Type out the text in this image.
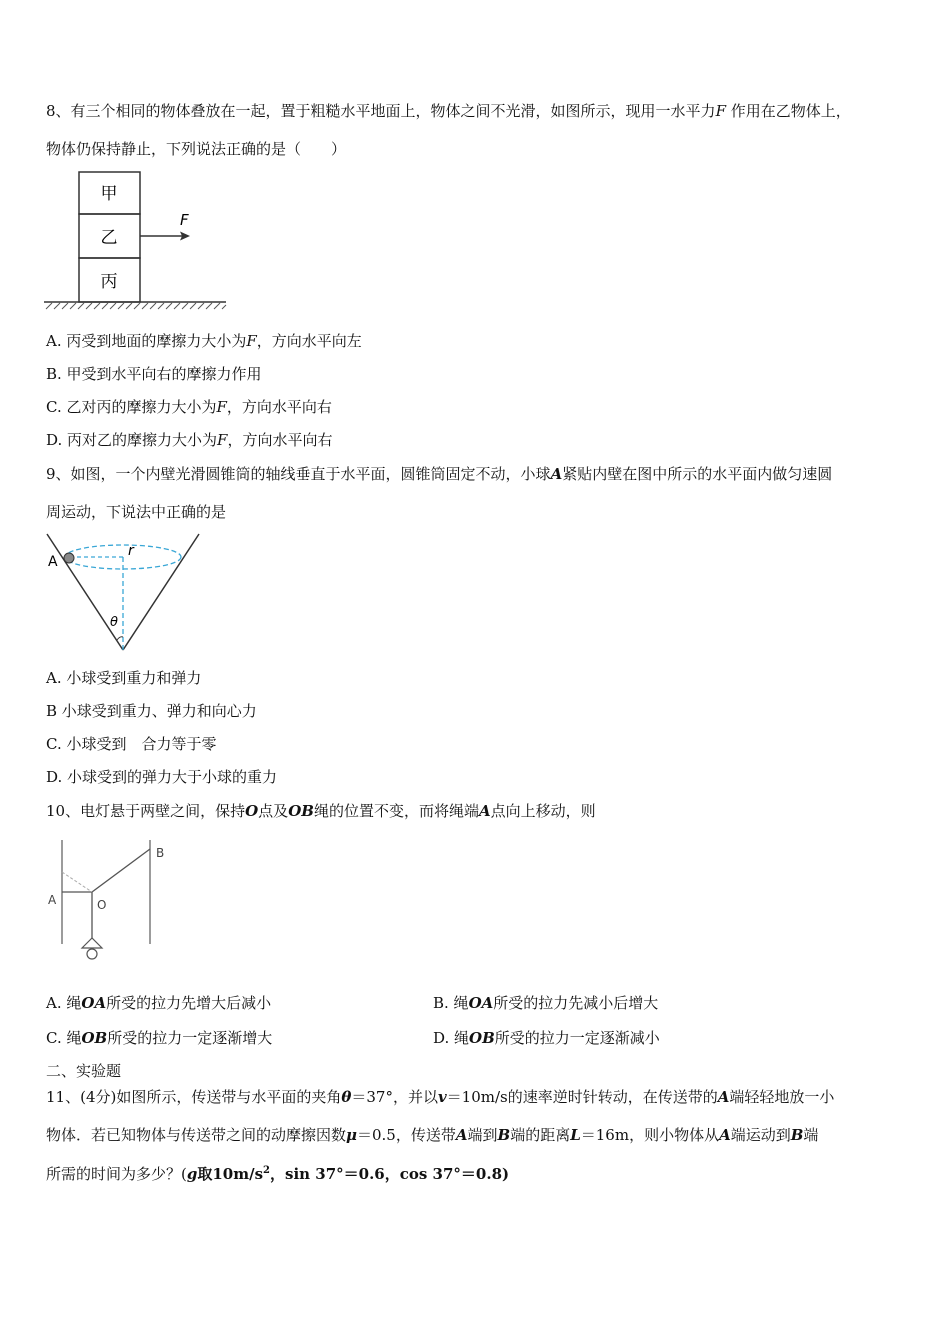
8、有三个相同的物体叠放在一起，置于粗糙水平地面上，物体之间不光滑，如图所示，现用一水平力F 作用在乙物体上，
物体仍保持静止，下列说法正确的是（　　）
甲
乙
丙
F
A. 丙受到地面的摩擦力大小为F，方向水平向左
B. 甲受到水平向右的摩擦力作用
C. 乙对丙的摩擦力大小为F，方向水平向右
D. 丙对乙的摩擦力大小为F，方向水平向右
9、如图，一个内壁光滑圆锥筒的轴线垂直于水平面，圆锥筒固定不动，小球A紧贴内壁在图中所示的水平面内做匀速圆
周运动，下说法中正确的是
A
r
θ
A. 小球受到重力和弹力
B 小球受到重力、弹力和向心力
C. 小球受到　合力等于零
D. 小球受到的弹力大于小球的重力
10、电灯悬于两壁之间，保持O点及OB绳的位置不变，而将绳端A点向上移动，则
A	O
B
A. 绳OA所受的拉力先增大后减小	B. 绳OA所受的拉力先减小后增大
C. 绳OB所受的拉力一定逐渐增大	D. 绳OB所受的拉力一定逐渐减小
二、实验题
11、(4分)如图所示，传送带与水平面的夹角θ＝37°，并以v＝10m/s的速率逆时针转动，在传送带的A端轻轻地放一小
物体．若已知物体与传送带之间的动摩擦因数μ＝0.5，传送带A端到B端的距离L＝16m，则小物体从A端运动到B端
所需的时间为多少？(g取$10m/s^2$，sin 37°＝0.6，cos 37°＝0.8)
